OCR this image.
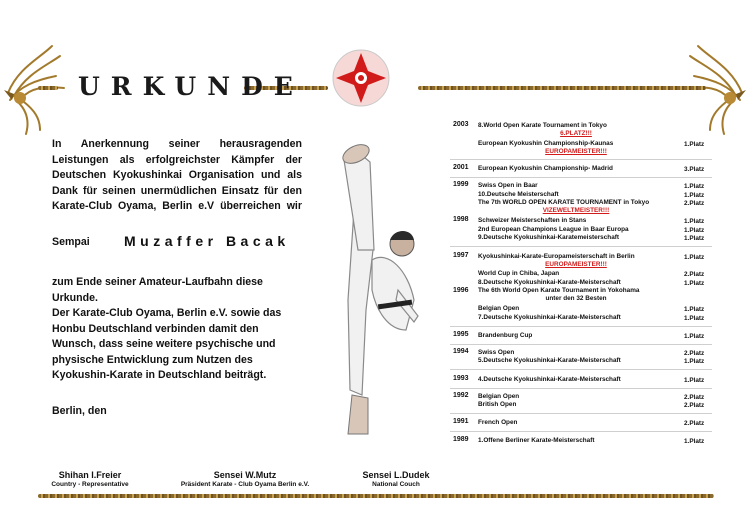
URKUNDE
In Anerkennung seiner herausragenden Leistungen als erfolgreichster Kämpfer der Deutschen Kyokushinkai Organisation und als Dank für seinen unermüdlichen Einsatz für den Karate-Club Oyama, Berlin e.V überreichen wir
Sempai Muzaffer Bacak
zum Ende seiner Amateur-Laufbahn diese Urkunde.
Der Karate-Club Oyama, Berlin e.V. sowie das Honbu Deutschland verbinden damit den Wunsch, dass seine weitere psychische und physische Entwicklung zum Nutzen des Kyokushin-Karate in Deutschland beiträgt.
Berlin, den
Shihan I.Freier
Country - Representative
Sensei W.Mutz
Präsident Karate - Club Oyama Berlin e.V.
Sensei L.Dudek
National Couch
2003 8.World Open Karate Tournament in Tokyo
6.PLATZ!!!
European Kyokushin Championship-Kaunas	1.Platz
EUROPAMEISTER!!!
2001 European Kyokushin Championship- Madrid	3.Platz
1999 Swiss Open in Baar	1.Platz
10.Deutsche Meisterschaft	1.Platz
The 7th WORLD OPEN KARATE TOURNAMENT in Tokyo	2.Platz
VIZEWELTMEISTER!!!
1998 Schweizer Meisterschaften in Stans	1.Platz
2nd European Champions League in Baar Europa	1.Platz
9.Deutsche Kyokushinkai-Karatemeisterschaft	1.Platz
1997 Kyokushinkai-Karate-Europameisterschaft in Berlin	1.Platz
EUROPAMEISTER!!!
World Cup in Chiba, Japan	2.Platz
8.Deutsche Kyokushinkai-Karate-Meisterschaft	1.Platz
1996 The 6th World Open Karate Tournament in Yokohama
unter den 32 Besten
Belgian Open	1.Platz
7.Deutsche Kyokushinkai-Karate-Meisterschaft	1.Platz
1995 Brandenburg Cup	1.Platz
1994 Swiss Open	2.Platz
5.Deutsche Kyokushinkai-Karate-Meisterschaft	1.Platz
1993 4.Deutsche Kyokushinkai-Karate-Meisterschaft	1.Platz
1992 Belgian Open	2.Platz
British Open	2.Platz
1991 French Open	2.Platz
1989 1.Offene Berliner Karate-Meisterschaft	1.Platz
